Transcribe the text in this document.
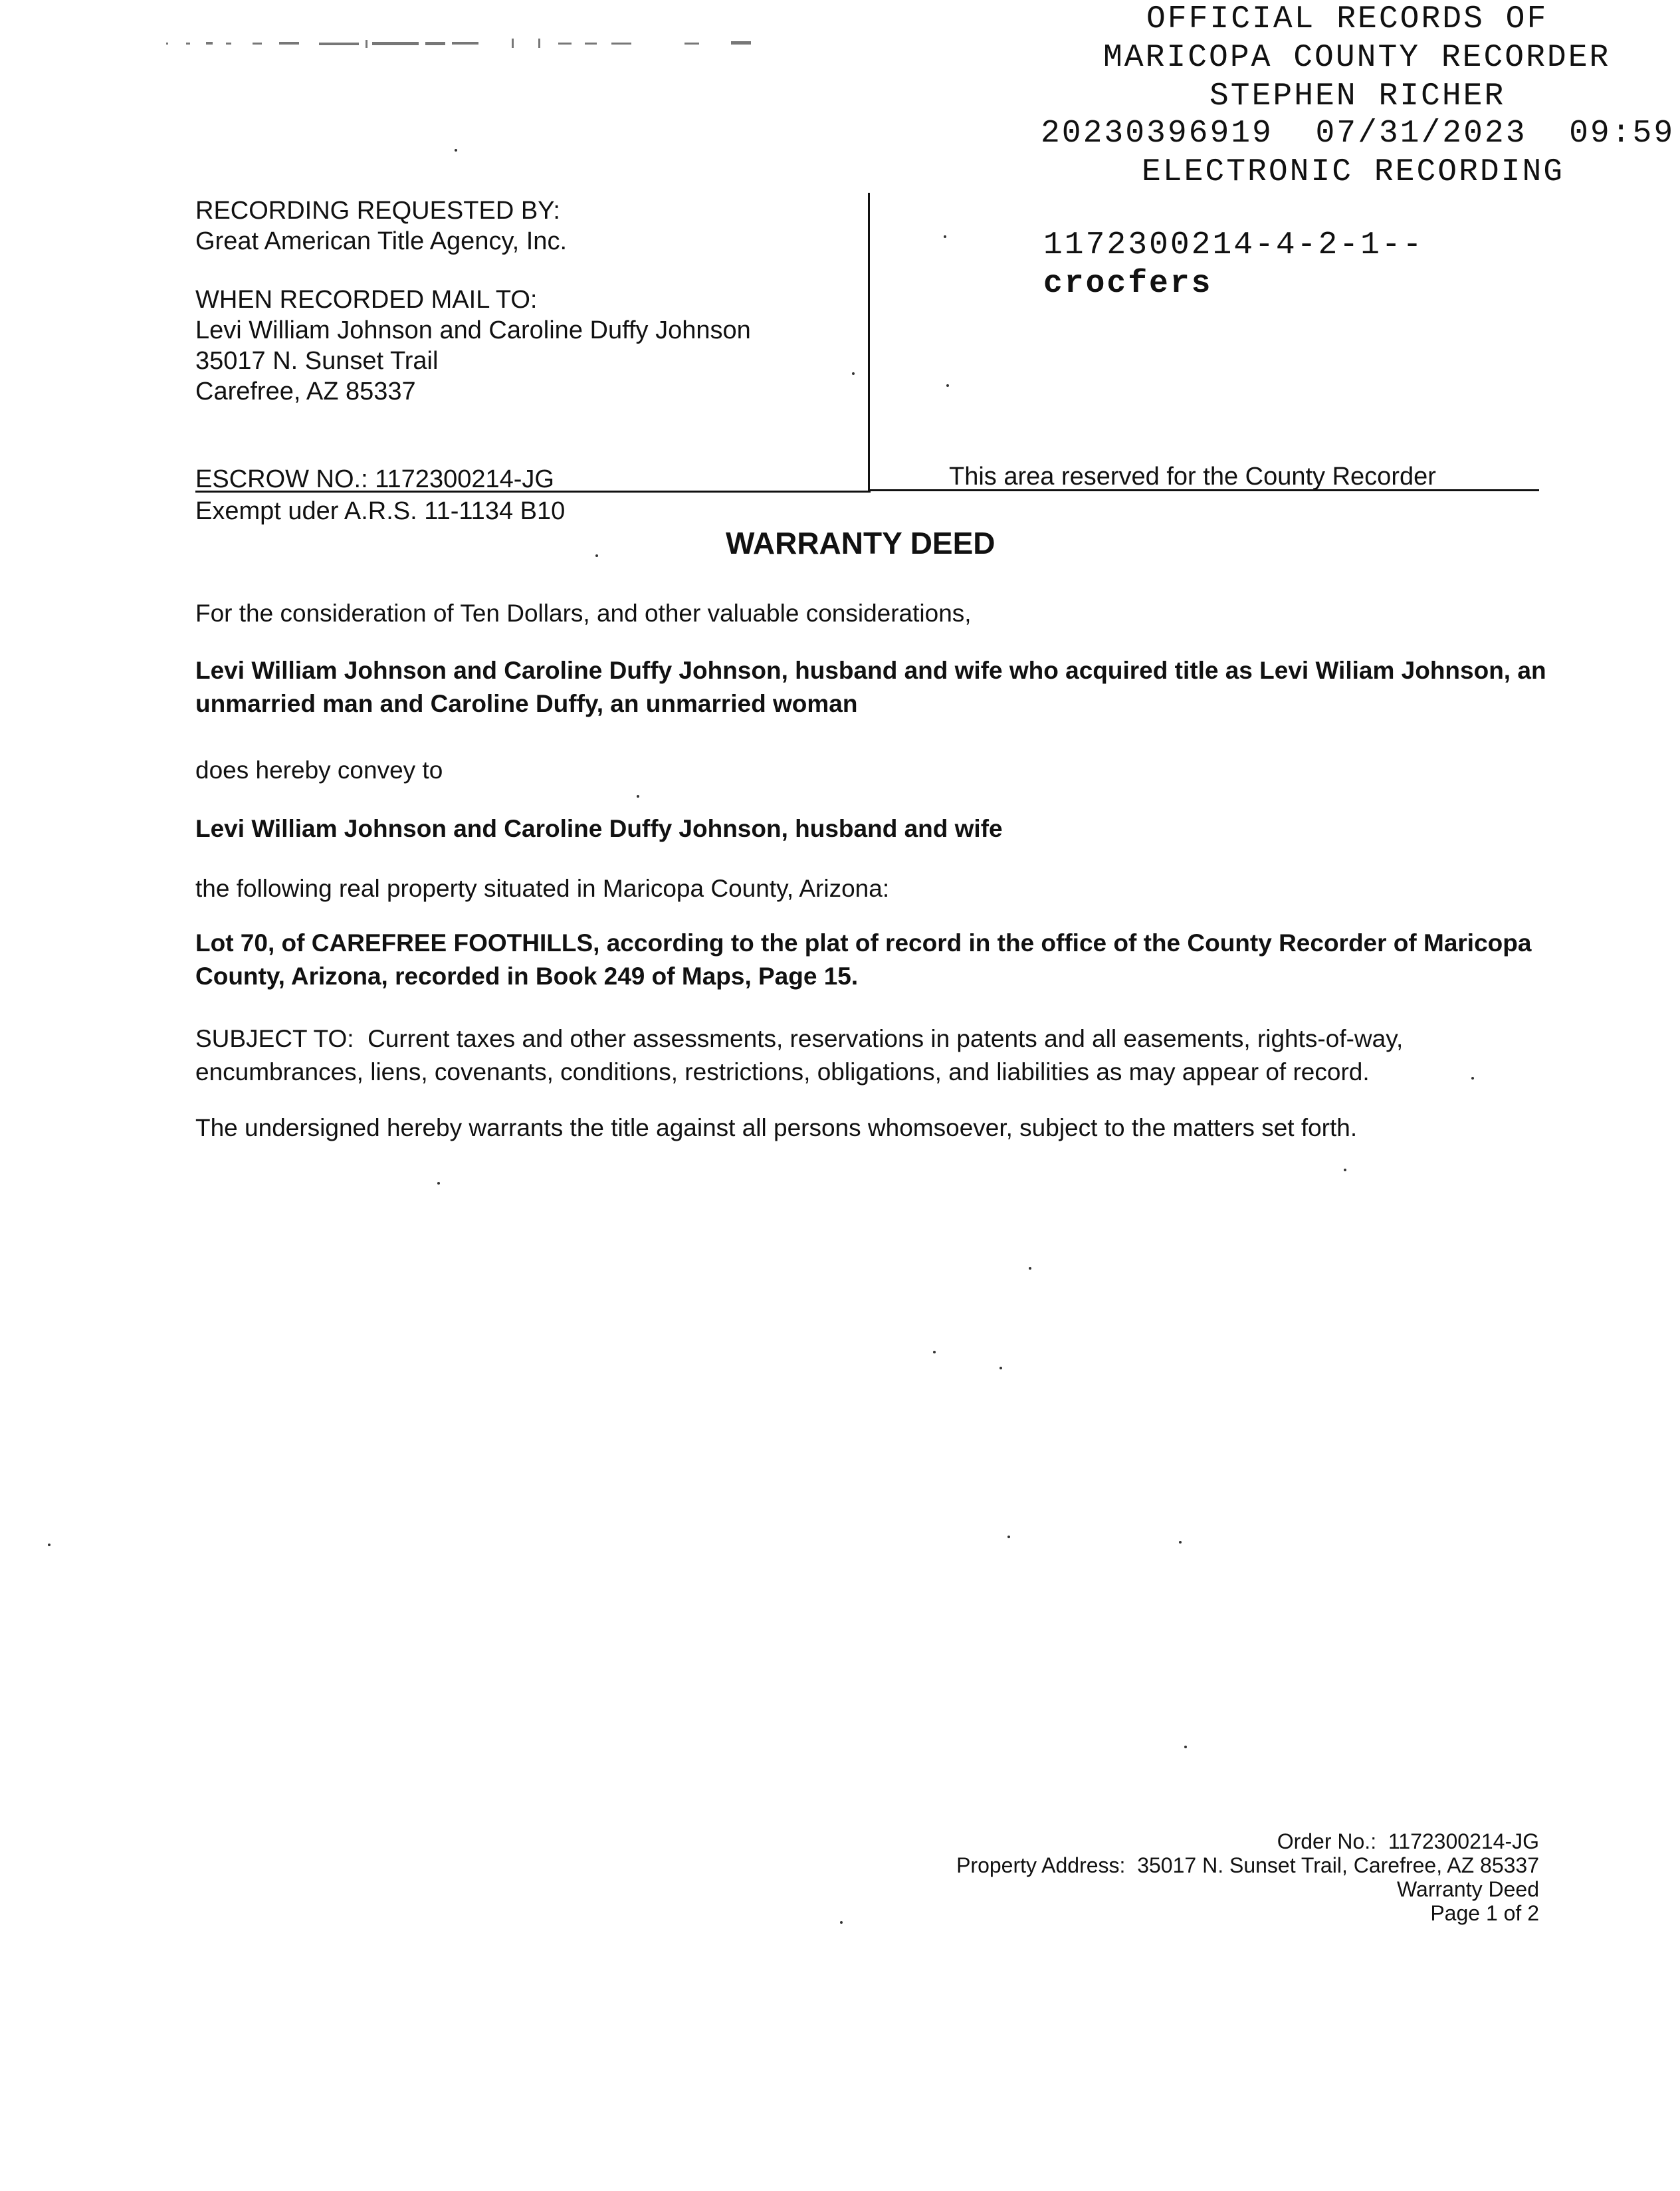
OFFICIAL RECORDS OF
MARICOPA COUNTY RECORDER
STEPHEN RICHER
20230396919  07/31/2023  09:59
ELECTRONIC RECORDING
1172300214-4-2-1--
crocfers
RECORDING REQUESTED BY:
Great American Title Agency, Inc.
WHEN RECORDED MAIL TO:
Levi William Johnson and Caroline Duffy Johnson
35017 N. Sunset Trail
Carefree, AZ 85337
ESCROW NO.: 1172300214-JG	This area reserved for the County Recorder
Exempt uder A.R.S. 11-1134 B10
WARRANTY DEED
For the consideration of Ten Dollars, and other valuable considerations,
Levi William Johnson and Caroline Duffy Johnson, husband and wife who acquired title as Levi Wiliam Johnson, an unmarried man and Caroline Duffy, an unmarried woman
does hereby convey to
Levi William Johnson and Caroline Duffy Johnson, husband and wife
the following real property situated in Maricopa County, Arizona:
Lot 70, of CAREFREE FOOTHILLS, according to the plat of record in the office of the County Recorder of Maricopa County, Arizona, recorded in Book 249 of Maps, Page 15.
SUBJECT TO:  Current taxes and other assessments, reservations in patents and all easements, rights-of-way, encumbrances, liens, covenants, conditions, restrictions, obligations, and liabilities as may appear of record.
The undersigned hereby warrants the title against all persons whomsoever, subject to the matters set forth.
Order No.:  1172300214-JG
Property Address:  35017 N. Sunset Trail, Carefree, AZ 85337
Warranty Deed
Page 1 of 2
